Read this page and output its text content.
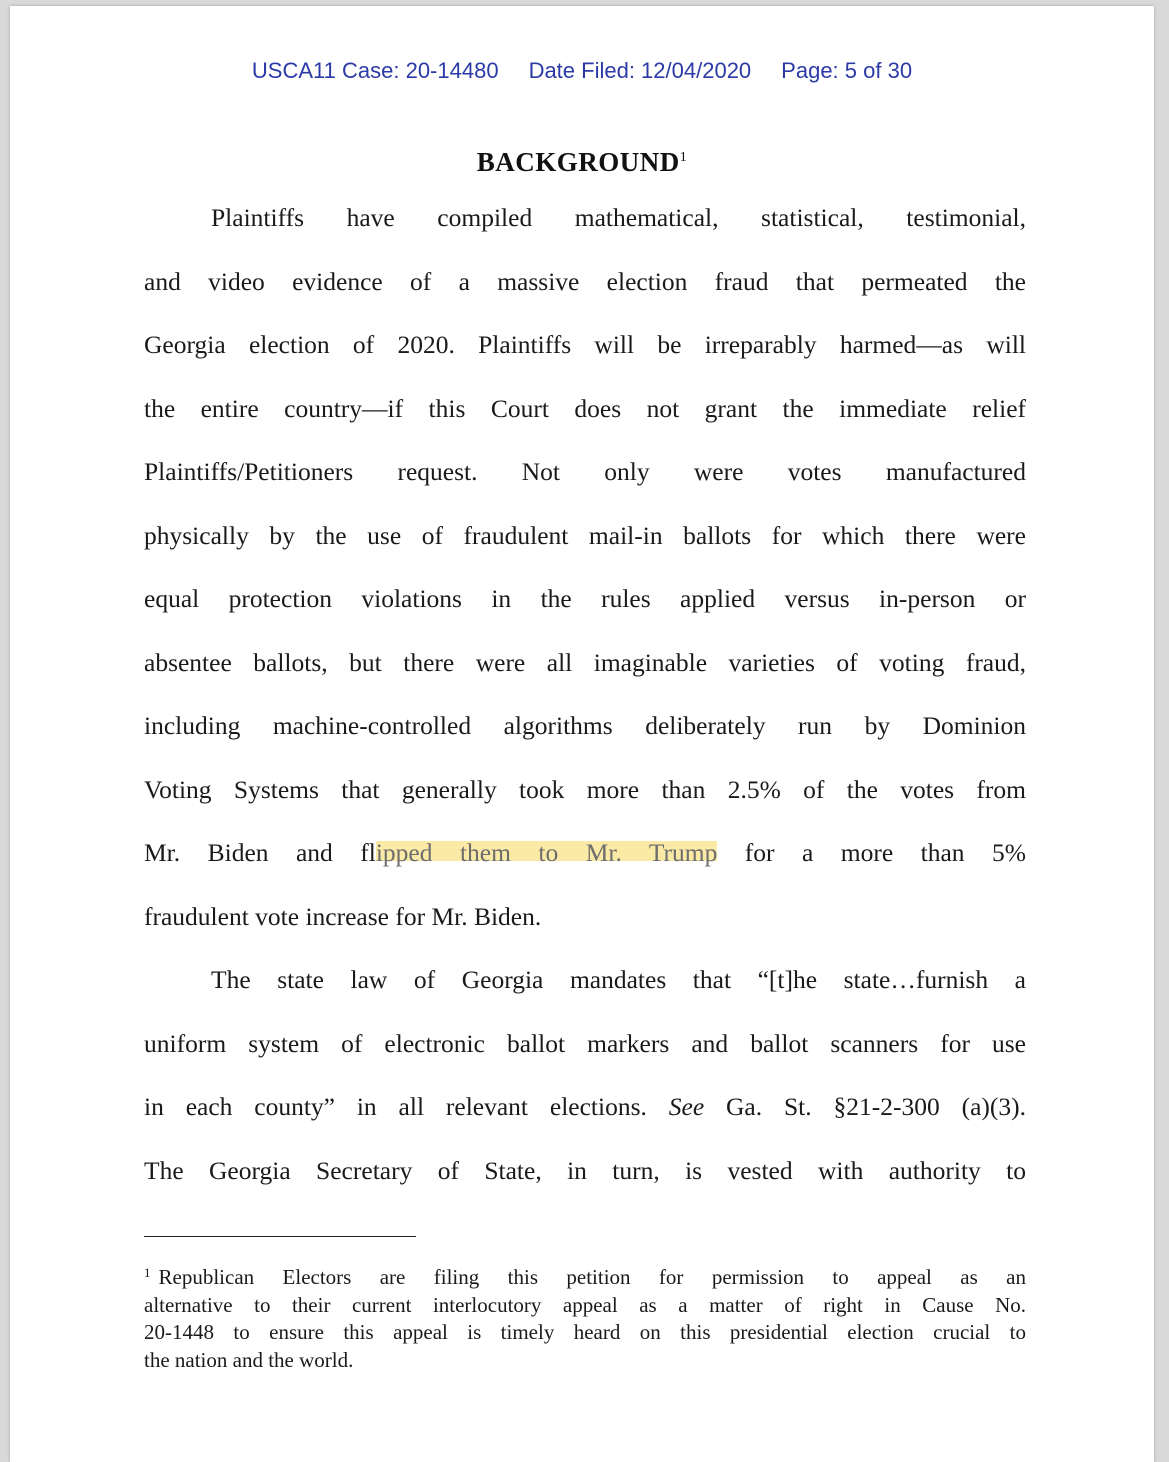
USCA11 Case: 20-14480 Date Filed: 12/04/2020 Page: 5 of 30
BACKGROUND$^1$
Plaintiffs have compiled mathematical, statistical, testimonial,
and video evidence of a massive election fraud that permeated the
Georgia election of 2020. Plaintiffs will be irreparably harmed—as will
the entire country—if this Court does not grant the immediate relief
Plaintiffs/Petitioners request. Not only were votes manufactured
physically by the use of fraudulent mail-in ballots for which there were
equal protection violations in the rules applied versus in-person or
absentee ballots, but there were all imaginable varieties of voting fraud,
including machine-controlled algorithms deliberately run by Dominion
Voting Systems that generally took more than 2.5% of the votes from
Mr. Biden and flipped them to Mr. Trump for a more than 5%
fraudulent vote increase for Mr. Biden.
The state law of Georgia mandates that “[t]he state…furnish a
uniform system of electronic ballot markers and ballot scanners for use
in each county” in all relevant elections. See Ga. St. §21-2-300 (a)(3).
The Georgia Secretary of State, in turn, is vested with authority to
$^1$ Republican Electors are filing this petition for permission to appeal as an
alternative to their current interlocutory appeal as a matter of right in Cause No.
20-1448 to ensure this appeal is timely heard on this presidential election crucial to
the nation and the world.
